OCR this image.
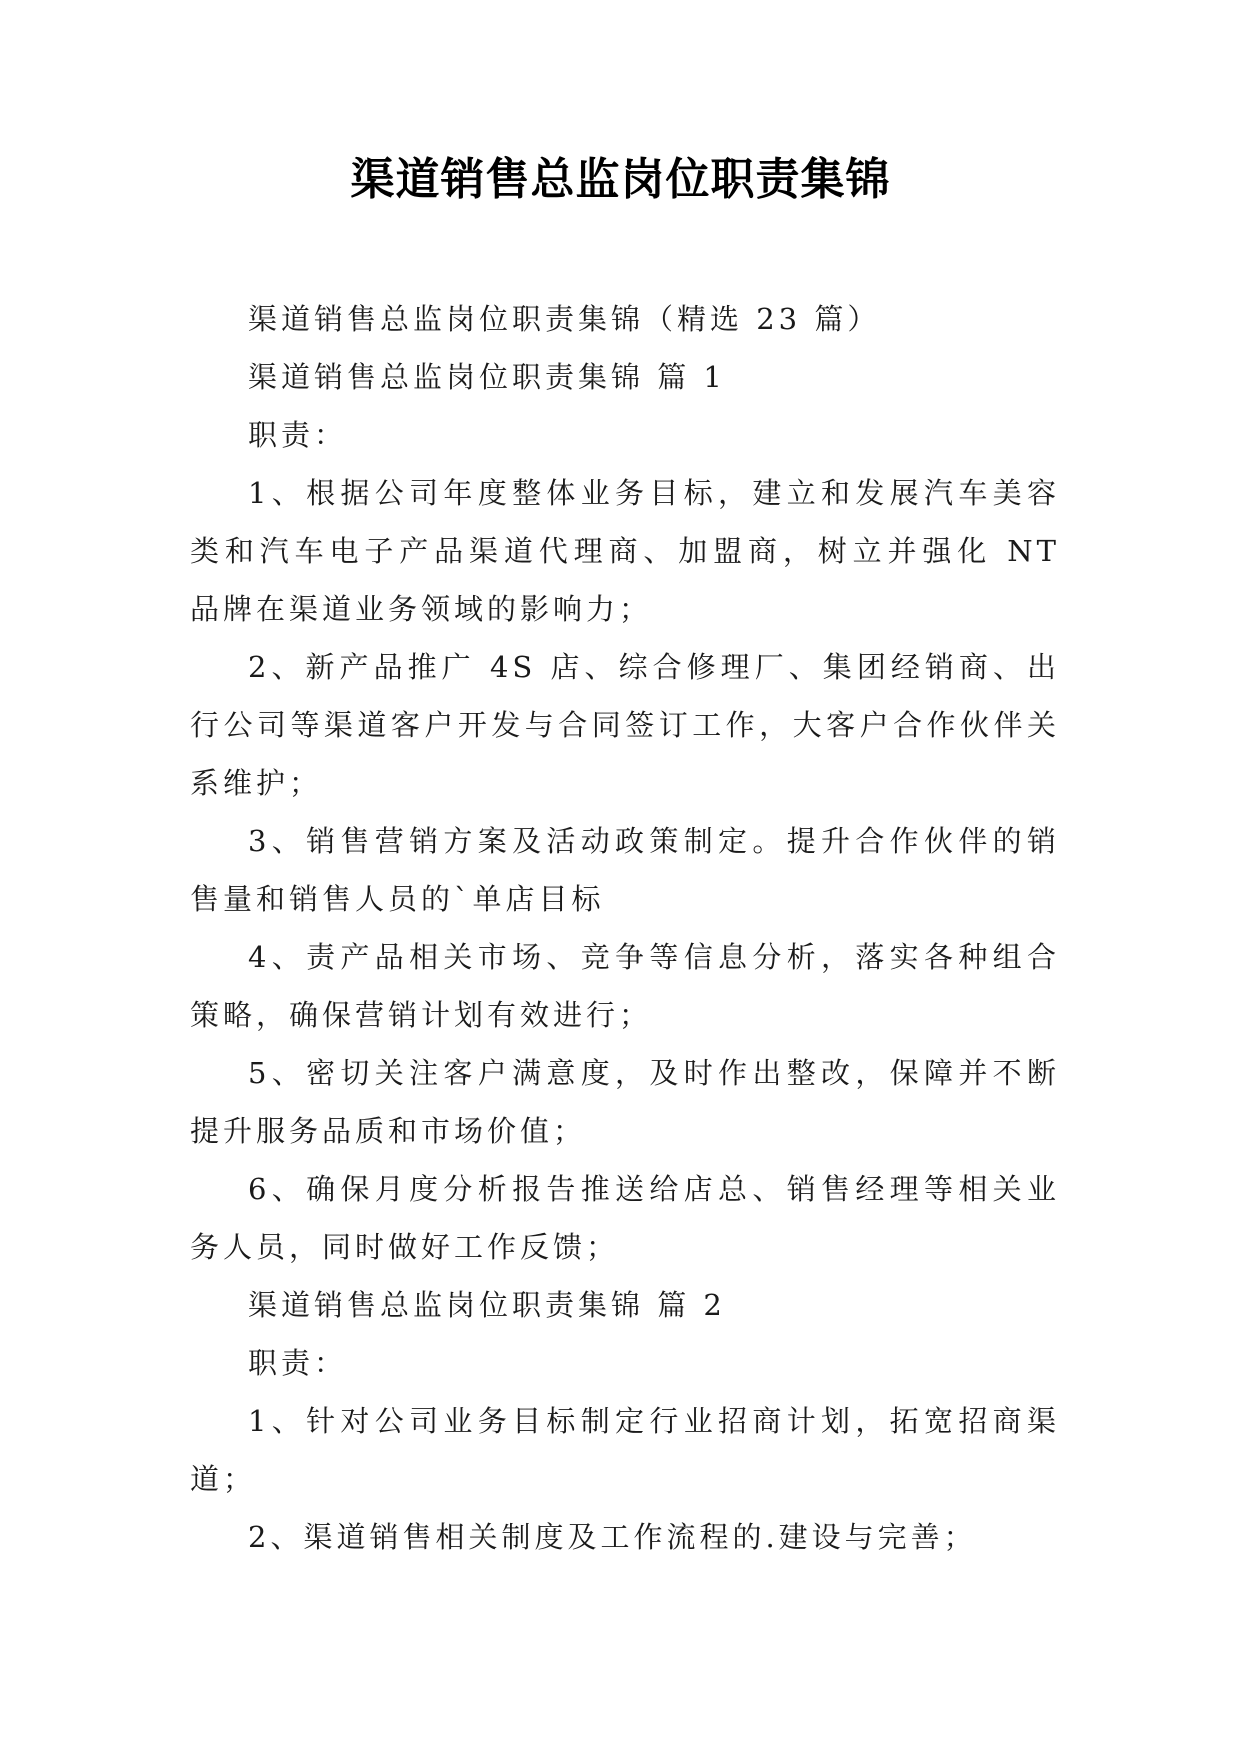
渠道销售总监岗位职责集锦

渠道销售总监岗位职责集锦（精选 23 篇）

渠道销售总监岗位职责集锦 篇 1

职责：

1、根据公司年度整体业务目标，建立和发展汽车美容类和汽车电子产品渠道代理商、加盟商，树立并强化 NT 品牌在渠道业务领域的影响力；

2、新产品推广 4S 店、综合修理厂、集团经销商、出行公司等渠道客户开发与合同签订工作，大客户合作伙伴关系维护；

3、销售营销方案及活动政策制定。提升合作伙伴的销售量和销售人员的`单店目标

4、责产品相关市场、竞争等信息分析，落实各种组合策略，确保营销计划有效进行；

5、密切关注客户满意度，及时作出整改，保障并不断提升服务品质和市场价值；

6、确保月度分析报告推送给店总、销售经理等相关业务人员，同时做好工作反馈；

渠道销售总监岗位职责集锦 篇 2

职责：

1、针对公司业务目标制定行业招商计划，拓宽招商渠道；

2、渠道销售相关制度及工作流程的.建设与完善；
